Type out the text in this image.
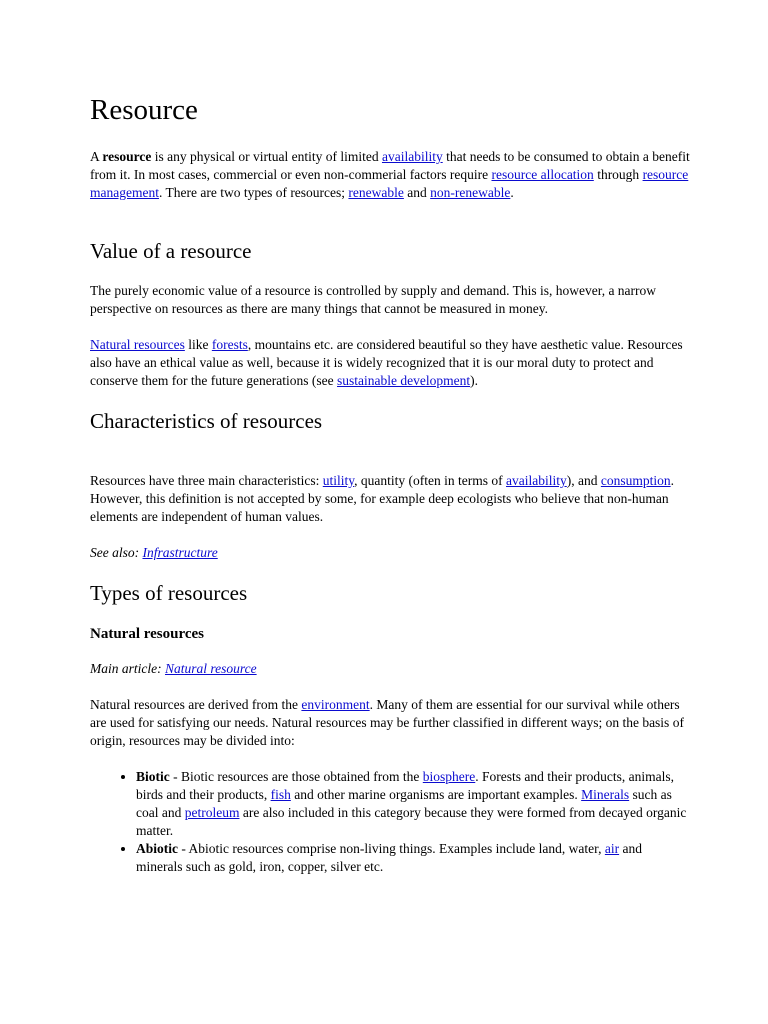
Resource

A resource is any physical or virtual entity of limited availability that needs to be consumed to obtain a benefit from it. In most cases, commercial or even non-commerial factors require resource allocation through resource management. There are two types of resources; renewable and non-renewable.

Value of a resource

The purely economic value of a resource is controlled by supply and demand. This is, however, a narrow perspective on resources as there are many things that cannot be measured in money.

Natural resources like forests, mountains etc. are considered beautiful so they have aesthetic value. Resources also have an ethical value as well, because it is widely recognized that it is our moral duty to protect and conserve them for the future generations (see sustainable development).

Characteristics of resources

Resources have three main characteristics: utility, quantity (often in terms of availability), and consumption. However, this definition is not accepted by some, for example deep ecologists who believe that non-human elements are independent of human values.

See also: Infrastructure

Types of resources
Natural resources

Main article: Natural resource

Natural resources are derived from the environment. Many of them are essential for our survival while others are used for satisfying our needs. Natural resources may be further classified in different ways; on the basis of origin, resources may be divided into:

• Biotic - Biotic resources are those obtained from the biosphere. Forests and their products, animals, birds and their products, fish and other marine organisms are important examples. Minerals such as coal and petroleum are also included in this category because they were formed from decayed organic matter.
• Abiotic - Abiotic resources comprise non-living things. Examples include land, water, air and minerals such as gold, iron, copper, silver etc.
